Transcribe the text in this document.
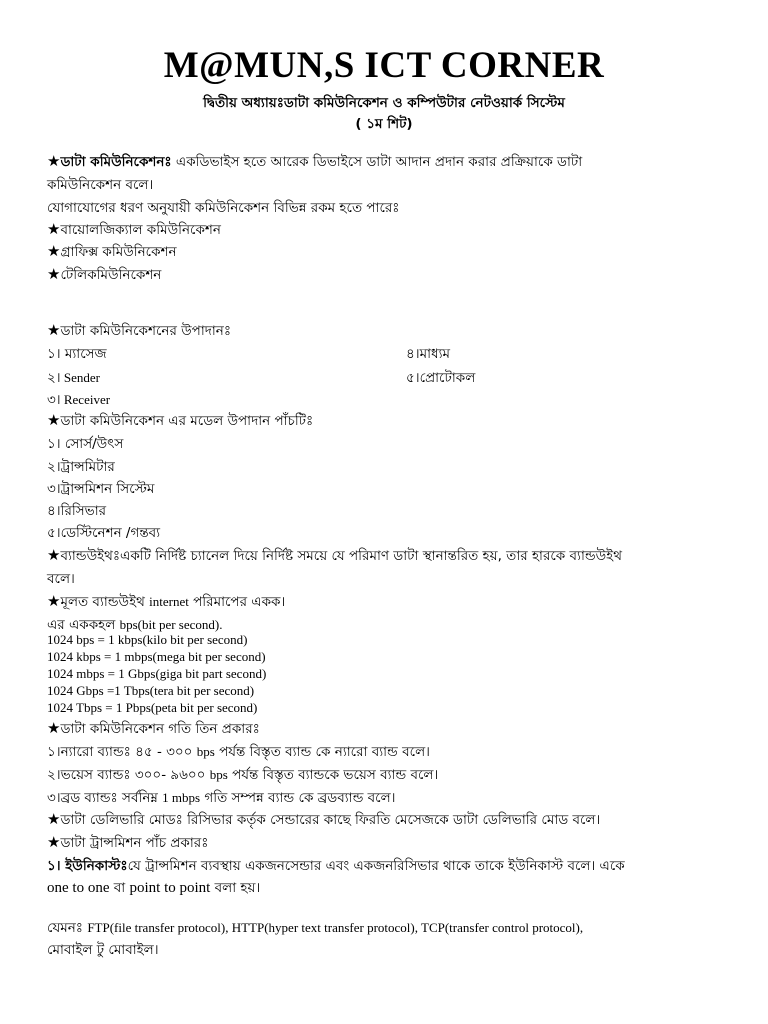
M@MUN,S ICT CORNER
দ্বিতীয় অধ্যায়ঃডাটা কমিউনিকেশন ও কম্পিউটার নেটওয়ার্ক সিস্টেম
( ১ম শিট)
★ডাটা কমিউনিকেশনঃ একডিভাইস হতে আরেক ডিভাইসে ডাটা আদান প্রদান করার প্রক্রিয়াকে ডাটা
কমিউনিকেশন বলে।
যোগাযোগের ধরণ অনুযায়ী কমিউনিকেশন বিভিন্ন রকম হতে পারেঃ
★বায়োলজিক্যাল কমিউনিকেশন
★গ্রাফিক্স কমিউনিকেশন
★টেলিকমিউনিকেশন
★ডাটা কমিউনিকেশনের উপাদানঃ
১। ম্যাসেজ	৪।মাধ্যম
২। Sender	৫।প্রোটোকল
৩। Receiver
★ডাটা কমিউনিকেশন এর মডেল উপাদান পাঁচটিঃ
১। সোর্স/উৎস
২।ট্রান্সমিটার
৩।ট্রান্সমিশন সিস্টেম
৪।রিসিভার
৫।ডেস্টিনেশন /গন্তব্য
★ব্যান্ডউইথঃএকটি নির্দিষ্ট চ্যানেল দিয়ে নির্দিষ্ট সময়ে যে পরিমাণ ডাটা স্থানান্তরিত হয়, তার হারকে ব্যান্ডউইথ
বলে।
★মূলত ব্যান্ডউইথ internet পরিমাপের একক।
এর এককহল bps(bit per second).
1024 bps = 1 kbps(kilo bit per second)
1024 kbps = 1 mbps(mega bit per second)
1024 mbps = 1 Gbps(giga bit part second)
1024 Gbps =1 Tbps(tera bit per second)
1024 Tbps = 1 Pbps(peta bit per second)
★ডাটা কমিউনিকেশন গতি তিন প্রকারঃ
১।ন্যারো ব্যান্ডঃ ৪৫ - ৩০০ bps পর্যন্ত বিস্তৃত ব্যান্ড কে ন্যারো ব্যান্ড বলে।
২।ভয়েস ব্যান্ডঃ ৩০০- ৯৬০০ bps পর্যন্ত বিস্তৃত ব্যান্ডকে ভয়েস ব্যান্ড বলে।
৩।ব্রড ব্যান্ডঃ সর্বনিম্ন 1 mbps গতি সম্পন্ন ব্যান্ড কে ব্রডব্যান্ড বলে।
★ডাটা ডেলিভারি মোডঃ রিসিভার কর্তৃক সেন্ডারের কাছে ফিরতি মেসেজকে ডাটা ডেলিভারি মোড বলে।
★ডাটা ট্রান্সমিশন পাঁচ প্রকারঃ
১। ইউনিকাস্টঃযে ট্রান্সমিশন ব্যবস্থায় একজনসেন্ডার এবং একজনরিসিভার থাকে তাকে ইউনিকাস্ট বলে। একে
one to one বা point to point বলা হয়।
যেমনঃ FTP(file transfer protocol), HTTP(hyper text transfer protocol), TCP(transfer control protocol),
মোবাইল টু মোবাইল।
